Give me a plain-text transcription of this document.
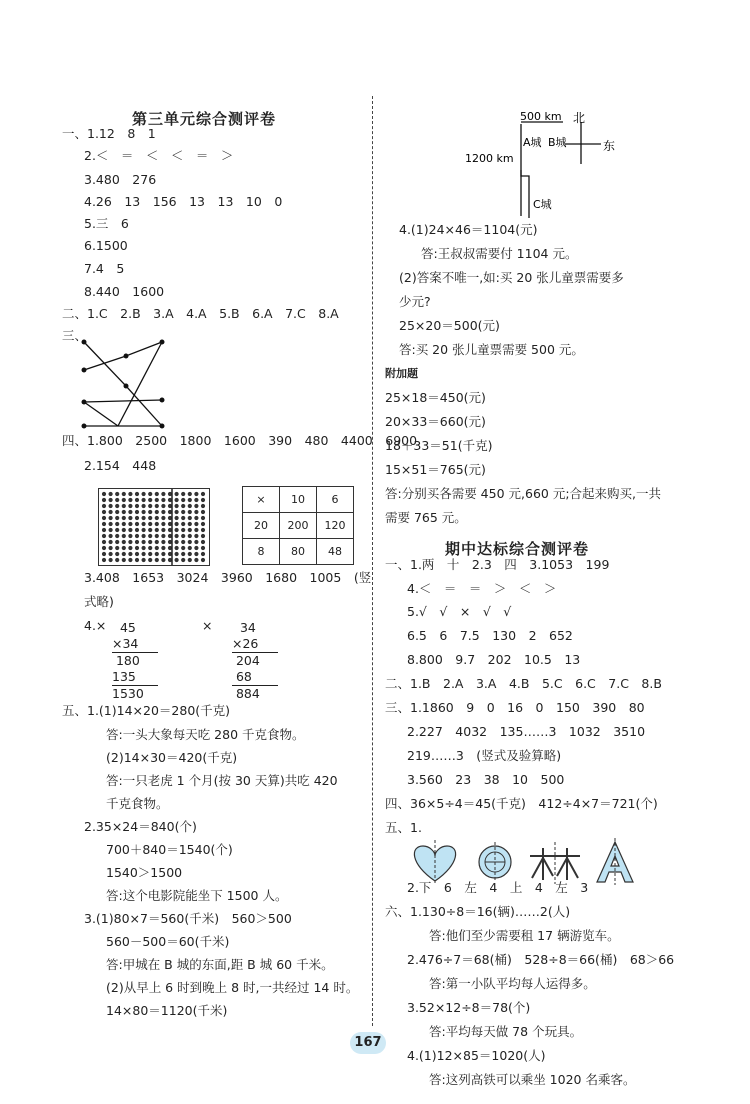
第三单元综合测评卷
×	10	6
20	200	120
8	80	48
45
×34
180
135
1530
34
×26
204
68
884
一、1.12　8　1
2.＜　＝　＜　＜　＝　＞
3.480　276
4.26　13　156　13　13　10　0
5.三　6
6.1500
7.4　5
8.440　1600
二、1.C　2.B　3.A　4.A　5.B　6.A　7.C　8.A
三、
四、1.800　2500　1800　1600　390　480　4400　6900
2.154　448
3.408　1653　3024　3960　1680　1005　(竖
式略)
4.×	×
五、1.(1)14×20＝280(千克)
答:一头大象每天吃 280 千克食物。
(2)14×30＝420(千克)
答:一只老虎 1 个月(按 30 天算)共吃 420
千克食物。
2.35×24＝840(个)
700＋840＝1540(个)
1540＞1500
答:这个电影院能坐下 1500 人。
3.(1)80×7＝560(千米)　560＞500
560－500＝60(千米)
答:甲城在 B 城的东面,距 B 城 60 千米。
(2)从早上 6 时到晚上 8 时,一共经过 14 时。
14×80＝1120(千米)
500 km
1200 km
A城 B城
C城
北
东
期中达标综合测评卷
4.(1)24×46＝1104(元)
答:王叔叔需要付 1104 元。
(2)答案不唯一,如:买 20 张儿童票需要多
少元?
25×20＝500(元)
答:买 20 张儿童票需要 500 元。
附加题
25×18＝450(元)
20×33＝660(元)
18＋33＝51(千克)
15×51＝765(元)
答:分别买各需要 450 元,660 元;合起来购买,一共
需要 765 元。
一、1.两　十　2.3　四　3.1053　199
4.＜　＝　＝　＞　＜　＞
5.√　√　×　√　√
6.5　6　7.5　130　2　652
8.800　9.7　202　10.5　13
二、1.B　2.A　3.A　4.B　5.C　6.C　7.C　8.B
三、1.1860　9　0　16　0　150　390　80
2.227　4032　135……3　1032　3510
219……3　(竖式及验算略)
3.560　23　38　10　500
四、36×5÷4＝45(千克)　412÷4×7＝721(个)
五、1.
2.下　6　左　4　上　4　左　3
六、1.130÷8＝16(辆)……2(人)
答:他们至少需要租 17 辆游览车。
2.476÷7＝68(桶)　528÷8＝66(桶)　68＞66
答:第一小队平均每人运得多。
3.52×12÷8＝78(个)
答:平均每天做 78 个玩具。
4.(1)12×85＝1020(人)
答:这列高铁可以乘坐 1020 名乘客。
167
